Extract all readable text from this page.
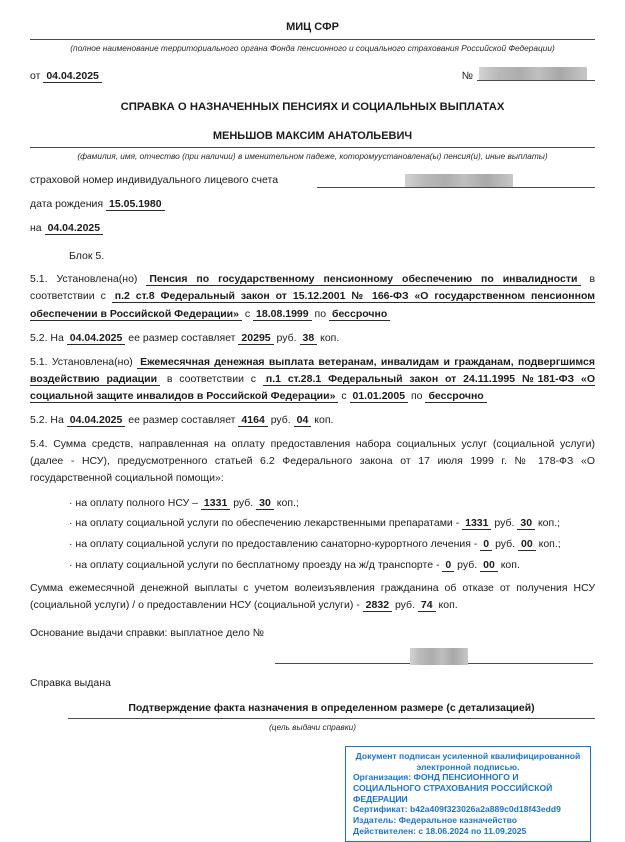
МИЦ СФР
(полное наименование территориального органа Фонда пенсионного и социального страхования Российской Федерации)
от 04.04.2025	№
СПРАВКА О НАЗНАЧЕННЫХ ПЕНСИЯХ И СОЦИАЛЬНЫХ ВЫПЛАТАХ
МЕНЬШОВ МАКСИМ АНАТОЛЬЕВИЧ
(фамилия, имя, отчество (при наличии) в именительном падеже, которомуустановлена(ы) пенсия(и), иные выплаты)
страховой номер индивидуального лицевого счета
дата рождения 15.05.1980
на 04.04.2025
Блок 5.

5.1. Установлена(но) Пенсия по государственному пенсионному обеспечению по инвалидности в соответствии с п.2 ст.8 Федеральный закон от 15.12.2001 № 166-ФЗ «О государственном пенсионном обеспечении в Российской Федерации» с 18.08.1999 по бессрочно

5.2. На 04.04.2025 ее размер составляет 20295 руб. 38 коп.

5.1. Установлена(но) Ежемесячная денежная выплата ветеранам, инвалидам и гражданам, подвергшимся воздействию радиации в соответствии с п.1 ст.28.1 Федеральный закон от 24.11.1995 №181-ФЗ «О социальной защите инвалидов в Российской Федерации» с 01.01.2005 по бессрочно

5.2. На 04.04.2025 ее размер составляет 4164 руб. 04 коп.

5.4. Сумма средств, направленная на оплату предоставления набора социальных услуг (социальной услуги) (далее - НСУ), предусмотренного статьей 6.2 Федерального закона от 17 июля 1999 г. № 178-ФЗ «О государственной социальной помощи»:

· на оплату полного НСУ – 1331 руб. 30 коп.;
· на оплату социальной услуги по обеспечению лекарственными препаратами - 1331 руб. 30 коп.;
· на оплату социальной услуги по предоставлению санаторно-курортного лечения - 0 руб. 00 коп.;
· на оплату социальной услуги по бесплатному проезду на ж/д транспорте - 0 руб. 00 коп.

Сумма ежемесячной денежной выплаты с учетом волеизъявления гражданина об отказе от получения НСУ (социальной услуги) / о предоставлении НСУ (социальной услуги) - 2832 руб. 74 коп.

Основание выдачи справки: выплатное дело №
Справка выдана
Подтверждение факта назначения в определенном размере (с детализацией)
(цель выдачи справки)
Документ подписан усиленной квалифицированной электронной подписью.
Организация: ФОНД ПЕНСИОННОГО И СОЦИАЛЬНОГО СТРАХОВАНИЯ РОССИЙСКОЙ ФЕДЕРАЦИИ
Сертификат: b42a409f323026a2a889c0d18f43edd9
Издатель: Федеральное казначейство
Действителен: с 18.06.2024 по 11.09.2025
